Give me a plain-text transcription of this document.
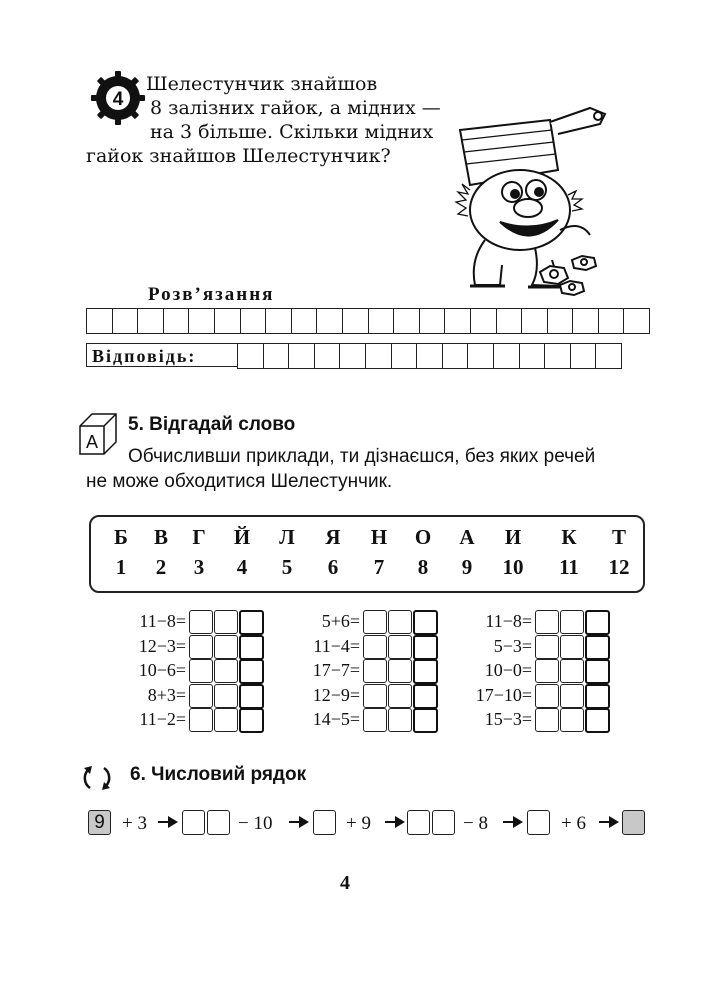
4
Шелестунчик знайшов
8 залізних гайок, а мідних —
на 3 більше. Скільки мідних
гайок знайшов Шелестунчик?
Розв’язання
Відповідь:
A
5. Відгадай слово
Обчисливши приклади, ти дізнаєшся, без яких речей
не може обходитися Шелестунчик.
Б	В	Г	Й	Л	Я	Н	О	А	И	К	Т
1	2	3	4	5	6	7	8	9	10	11	12
11−8=
12−3=
10−6=
8+3=
11−2=
5+6=
11−4=
17−7=
12−9=
14−5=
11−8=
5−3=
10−0=
17−10=
15−3=
6. Числовий рядок
9 + 3	− 10	+ 9	− 8	+ 6
4
